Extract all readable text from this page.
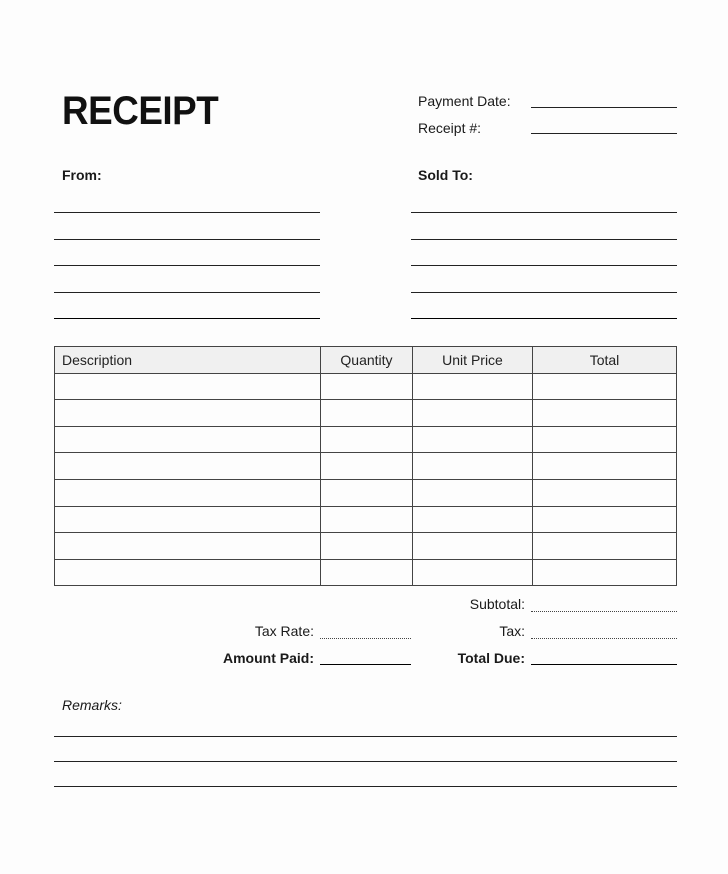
RECEIPT	Payment Date:
Receipt #:
From:	Sold To:
Description	Quantity	Unit Price	Total

Subtotal:
Tax Rate:	Tax:
Amount Paid:	Total Due:
Remarks:
